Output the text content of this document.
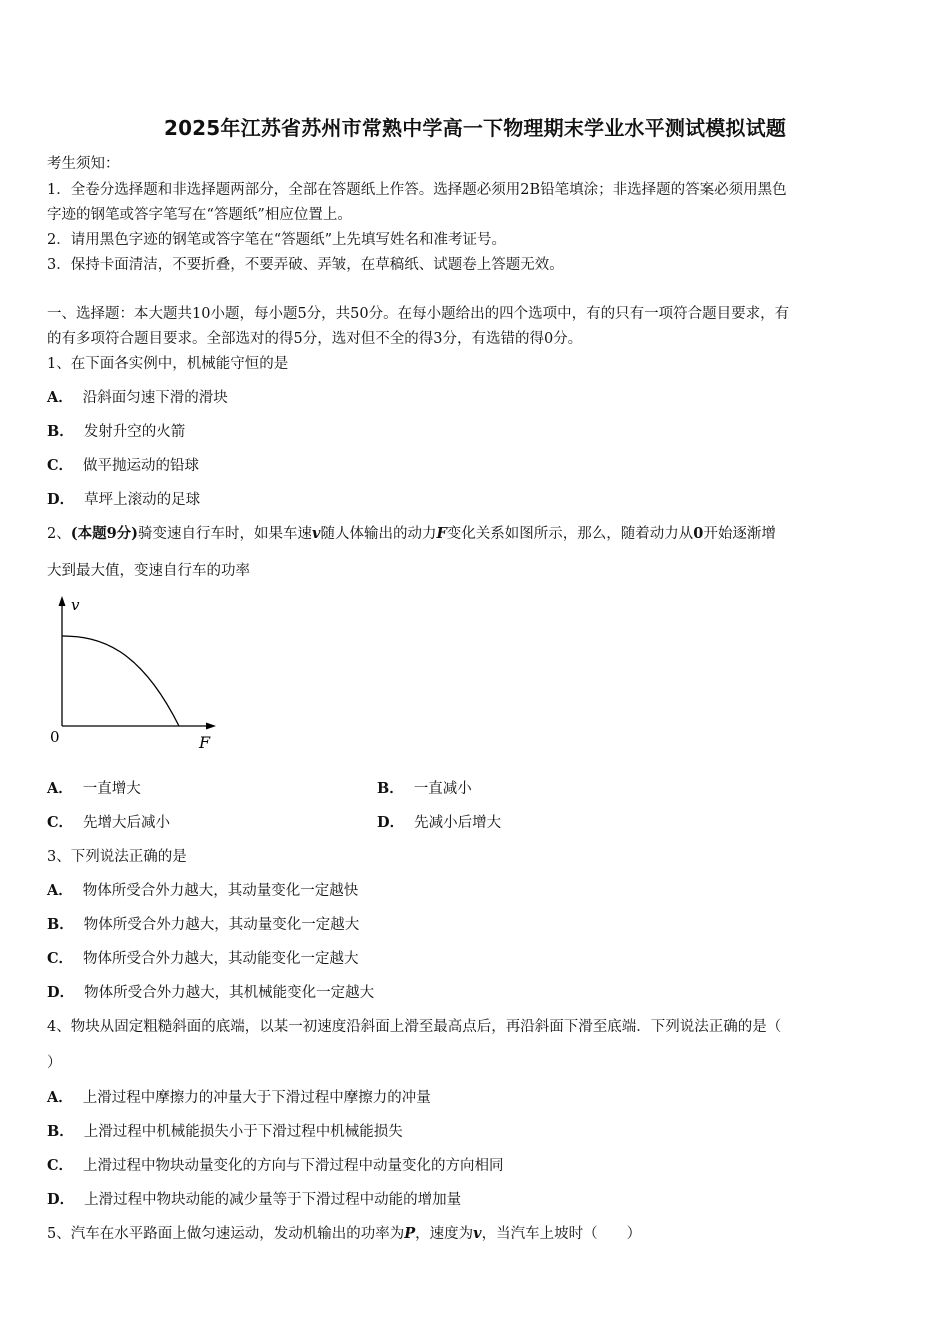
2025年江苏省苏州市常熟中学高一下物理期末学业水平测试模拟试题
考生须知：
1．全卷分选择题和非选择题两部分，全部在答题纸上作答。选择题必须用2B铅笔填涂；非选择题的答案必须用黑色
字迹的钢笔或答字笔写在“答题纸”相应位置上。
2．请用黑色字迹的钢笔或答字笔在“答题纸”上先填写姓名和准考证号。
3．保持卡面清洁，不要折叠，不要弄破、弄皱，在草稿纸、试题卷上答题无效。
一、选择题：本大题共10小题，每小题5分，共50分。在每小题给出的四个选项中，有的只有一项符合题目要求，有
的有多项符合题目要求。全部选对的得5分，选对但不全的得3分，有选错的得0分。
1、在下面各实例中，机械能守恒的是
A． 沿斜面匀速下滑的滑块
B． 发射升空的火箭
C． 做平抛运动的铅球
D． 草坪上滚动的足球
2、(本题9分)骑变速自行车时，如果车速v随人体输出的动力F变化关系如图所示，那么，随着动力从0开始逐渐增
大到最大值，变速自行车的功率
v
F
0
A． 一直增大	B． 一直减小
C． 先增大后减小	D． 先减小后增大
3、下列说法正确的是
A． 物体所受合外力越大，其动量变化一定越快
B． 物体所受合外力越大，其动量变化一定越大
C． 物体所受合外力越大，其动能变化一定越大
D． 物体所受合外力越大，其机械能变化一定越大
4、物块从固定粗糙斜面的底端，以某一初速度沿斜面上滑至最高点后，再沿斜面下滑至底端．下列说法正确的是（
）
A． 上滑过程中摩擦力的冲量大于下滑过程中摩擦力的冲量
B． 上滑过程中机械能损失小于下滑过程中机械能损失
C． 上滑过程中物块动量变化的方向与下滑过程中动量变化的方向相同
D． 上滑过程中物块动能的减少量等于下滑过程中动能的增加量
5、汽车在水平路面上做匀速运动，发动机输出的功率为P，速度为v，当汽车上坡时（　　）
